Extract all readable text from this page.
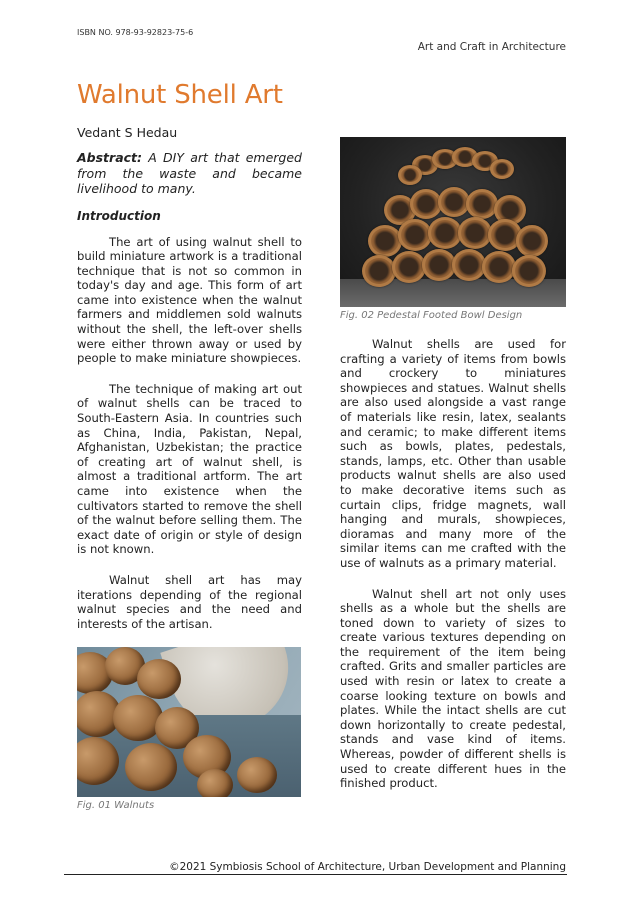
ISBN NO. 978-93-92823-75-6
Art and Craft in Architecture
Walnut Shell Art
Vedant S Hedau

Abstract: A DIY art that emerged from the waste and became livelihood to many.

Introduction

The art of using walnut shell to build miniature artwork is a traditional technique that is not so common in today's day and age. This form of art came into existence when the walnut farmers and middlemen sold walnuts without the shell, the left-over shells were either thrown away or used by people to make miniature showpieces.

The technique of making art out of walnut shells can be traced to South-Eastern Asia. In countries such as China, India, Pakistan, Nepal, Afghanistan, Uzbekistan; the practice of creating art of walnut shell, is almost a traditional artform. The art came into existence when the cultivators started to remove the shell of the walnut before selling them. The exact date of origin or style of design is not known.

Walnut shell art has may iterations depending of the regional walnut species and the need and interests of the artisan.

Fig. 01 Walnuts
Fig. 02 Pedestal Footed Bowl Design

Walnut shells are used for crafting a variety of items from bowls and crockery to miniatures showpieces and statues. Walnut shells are also used alongside a vast range of materials like resin, latex, sealants and ceramic; to make different items such as bowls, plates, pedestals, stands, lamps, etc. Other than usable products walnut shells are also used to make decorative items such as curtain clips, fridge magnets, wall hanging and murals, showpieces, dioramas and many more of the similar items can me crafted with the use of walnuts as a primary material.

Walnut shell art not only uses shells as a whole but the shells are toned down to variety of sizes to create various textures depending on the requirement of the item being crafted. Grits and smaller particles are used with resin or latex to create a coarse looking texture on bowls and plates. While the intact shells are cut down horizontally to create pedestal, stands and vase kind of items. Whereas, powder of different shells is used to create different hues in the finished product.

©2021 Symbiosis School of Architecture, Urban Development and Planning
